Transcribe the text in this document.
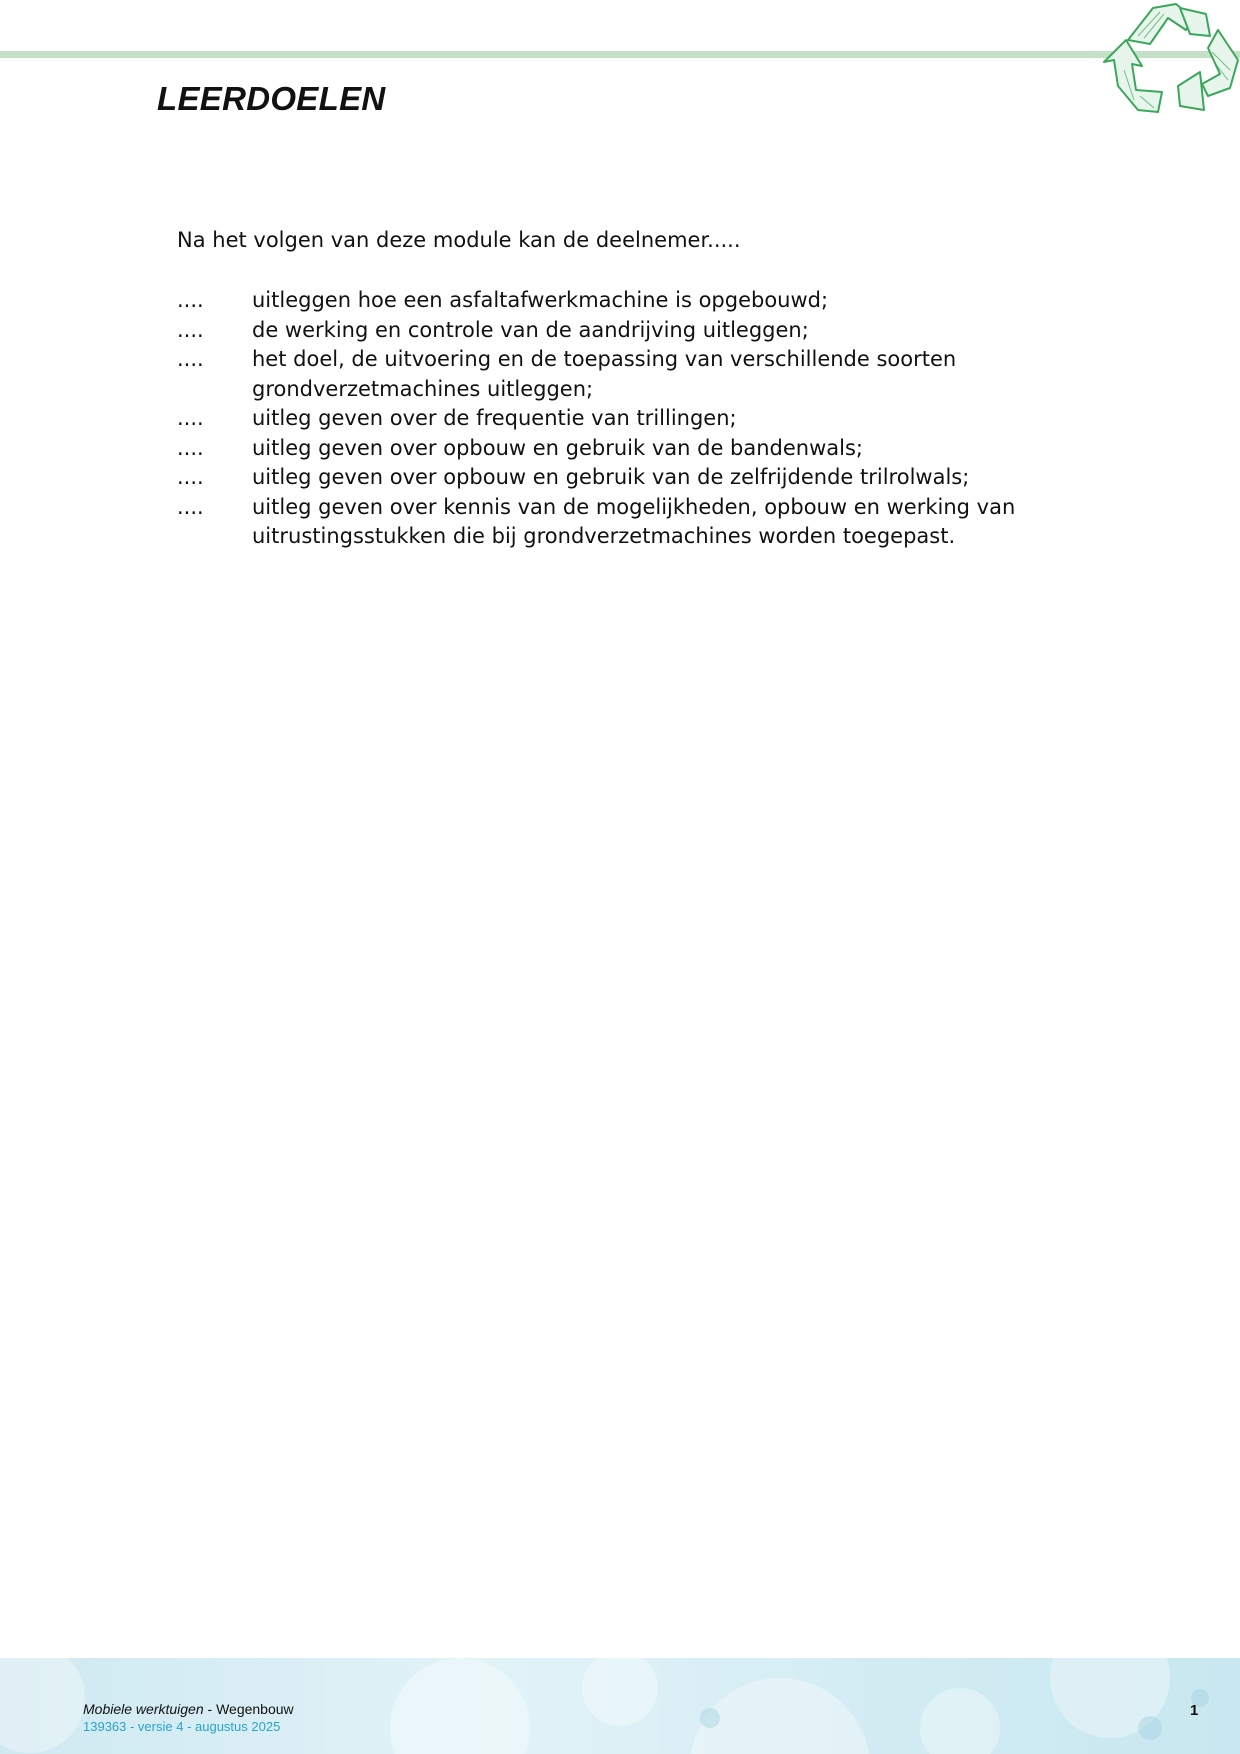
LEERDOELEN
Na het volgen van deze module kan de deelnemer.....
....	uitleggen hoe een asfaltafwerkmachine is opgebouwd;
....	de werking en controle van de aandrijving uitleggen;
....	het doel, de uitvoering en de toepassing van verschillende soorten grondverzetmachines uitleggen;
....	uitleg geven over de frequentie van trillingen;
....	uitleg geven over opbouw en gebruik van de bandenwals;
....	uitleg geven over opbouw en gebruik van de zelfrijdende trilrolwals;
....	uitleg geven over kennis van de mogelijkheden, opbouw en werking van uitrustingsstukken die bij grondverzetmachines worden toegepast.
Mobiele werktuigen - Wegenbouw
139363 - versie 4 - augustus 2025
1
